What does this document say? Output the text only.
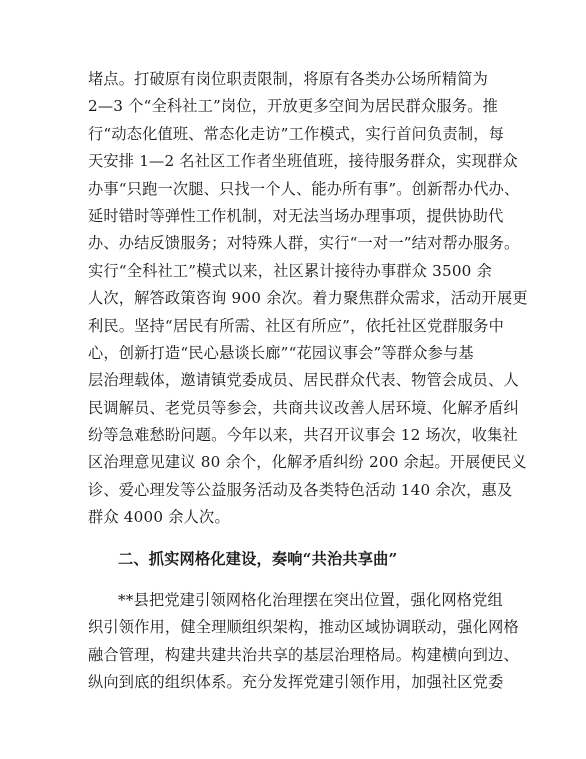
堵点。打破原有岗位职责限制，将原有各类办公场所精简为
2—3 个“全科社工”岗位，开放更多空间为居民群众服务。推
行“动态化值班、常态化走访”工作模式，实行首问负责制，每
天安排 1—2 名社区工作者坐班值班，接待服务群众，实现群众
办事“只跑一次腿、只找一个人、能办所有事”。创新帮办代办、
延时错时等弹性工作机制，对无法当场办理事项，提供协助代
办、办结反馈服务；对特殊人群，实行“一对一”结对帮办服务。
实行“全科社工”模式以来，社区累计接待办事群众 3500 余
人次，解答政策咨询 900 余次。着力聚焦群众需求，活动开展更
利民。坚持“居民有所需、社区有所应”，依托社区党群服务中
心，创新打造“民心悬谈长廊”“花园议事会”等群众参与基
层治理载体，邀请镇党委成员、居民群众代表、物管会成员、人
民调解员、老党员等参会，共商共议改善人居环境、化解矛盾纠
纷等急难愁盼问题。今年以来，共召开议事会 12 场次，收集社
区治理意见建议 80 余个，化解矛盾纠纷 200 余起。开展便民义
诊、爱心理发等公益服务活动及各类特色活动 140 余次，惠及
群众 4000 余人次。
二、抓实网格化建设，奏响“共治共享曲”
**县把党建引领网格化治理摆在突出位置，强化网格党组
织引领作用，健全理顺组织架构，推动区域协调联动，强化网格
融合管理，构建共建共治共享的基层治理格局。构建横向到边、
纵向到底的组织体系。充分发挥党建引领作用，加强社区党委
